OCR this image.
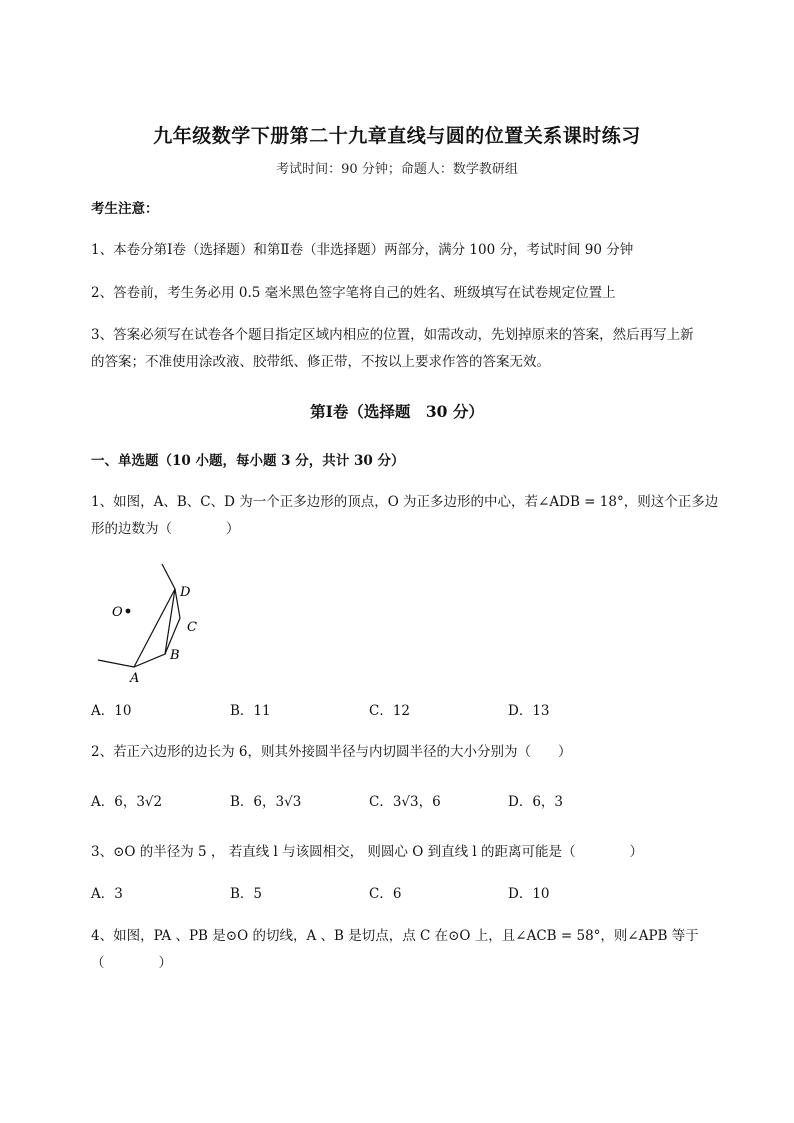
九年级数学下册第二十九章直线与圆的位置关系课时练习
考试时间：90 分钟；命题人：数学教研组
考生注意：
1、本卷分第Ⅰ卷（选择题）和第Ⅱ卷（非选择题）两部分，满分 100 分，考试时间 90 分钟
2、答卷前，考生务必用 0.5 毫米黑色签字笔将自己的姓名、班级填写在试卷规定位置上
3、答案必须写在试卷各个题目指定区域内相应的位置，如需改动，先划掉原来的答案，然后再写上新
的答案；不准使用涂改液、胶带纸、修正带，不按以上要求作答的答案无效。
第Ⅰ卷（选择题　30 分）
一、单选题（10 小题，每小题 3 分，共计 30 分）
1、如图，A、B、C、D 为一个正多边形的顶点，O 为正多边形的中心，若∠ADB = 18°，则这个正多边
形的边数为（　　　　）
O
D
C
B
A
A．10	B．11	C．12	D．13
2、若正六边形的边长为 6，则其外接圆半径与内切圆半径的大小分别为（　　）
A．6，3√2	B．6，3√3	C．3√3，6	D．6，3
3、⊙O 的半径为 5 ， 若直线 l 与该圆相交， 则圆心 O 到直线 l 的距离可能是（　　　　）
A．3	B．5	C．6	D．10
4、如图，PA 、PB 是⊙O 的切线，A 、B 是切点，点 C 在⊙O 上，且∠ACB = 58°，则∠APB 等于
（　　　　）
